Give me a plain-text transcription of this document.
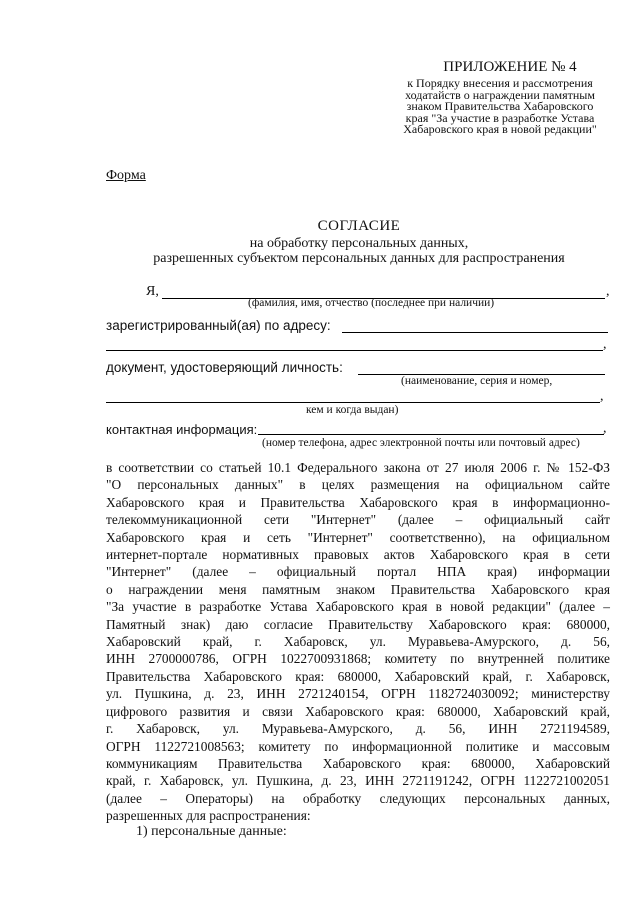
ПРИЛОЖЕНИЕ № 4
к Порядку внесения и рассмотрения
ходатайств о награждении памятным
знаком Правительства Хабаровского
края "За участие в разработке Устава
Хабаровского края в новой редакции"
Форма
СОГЛАСИЕ
на обработку персональных данных,
разрешенных субъектом персональных данных для распространения
Я,	,
(фамилия, имя, отчество (последнее при наличии)
зарегистрированный(ая) по адресу:
,
документ, удостоверяющий личность:
(наименование, серия и номер,
,
кем и когда выдан)
контактная информация:	,
(номер телефона, адрес электронной почты или почтовый адрес)
в соответствии со статьей 10.1 Федерального закона от 27 июля 2006 г. № 152-ФЗ
"О персональных данных" в целях размещения на официальном сайте
Хабаровского края и Правительства Хабаровского края в информационно-
телекоммуникационной сети "Интернет" (далее – официальный сайт
Хабаровского края и сеть "Интернет" соответственно), на официальном
интернет-портале нормативных правовых актов Хабаровского края в сети
"Интернет" (далее – официальный портал НПА края) информации
о награждении меня памятным знаком Правительства Хабаровского края
"За участие в разработке Устава Хабаровского края в новой редакции" (далее –
Памятный знак) даю согласие Правительству Хабаровского края: 680000,
Хабаровский край, г. Хабаровск, ул. Муравьева-Амурского, д. 56,
ИНН 2700000786, ОГРН 1022700931868; комитету по внутренней политике
Правительства Хабаровского края: 680000, Хабаровский край, г. Хабаровск,
ул. Пушкина, д. 23, ИНН 2721240154, ОГРН 1182724030092; министерству
цифрового развития и связи Хабаровского края: 680000, Хабаровский край,
г. Хабаровск, ул. Муравьева-Амурского, д. 56, ИНН 2721194589,
ОГРН 1122721008563; комитету по информационной политике и массовым
коммуникациям Правительства Хабаровского края: 680000, Хабаровский
край, г. Хабаровск, ул. Пушкина, д. 23, ИНН 2721191242, ОГРН 1122721002051
(далее – Операторы) на обработку следующих персональных данных,
разрешенных для распространения:
1) персональные данные:
